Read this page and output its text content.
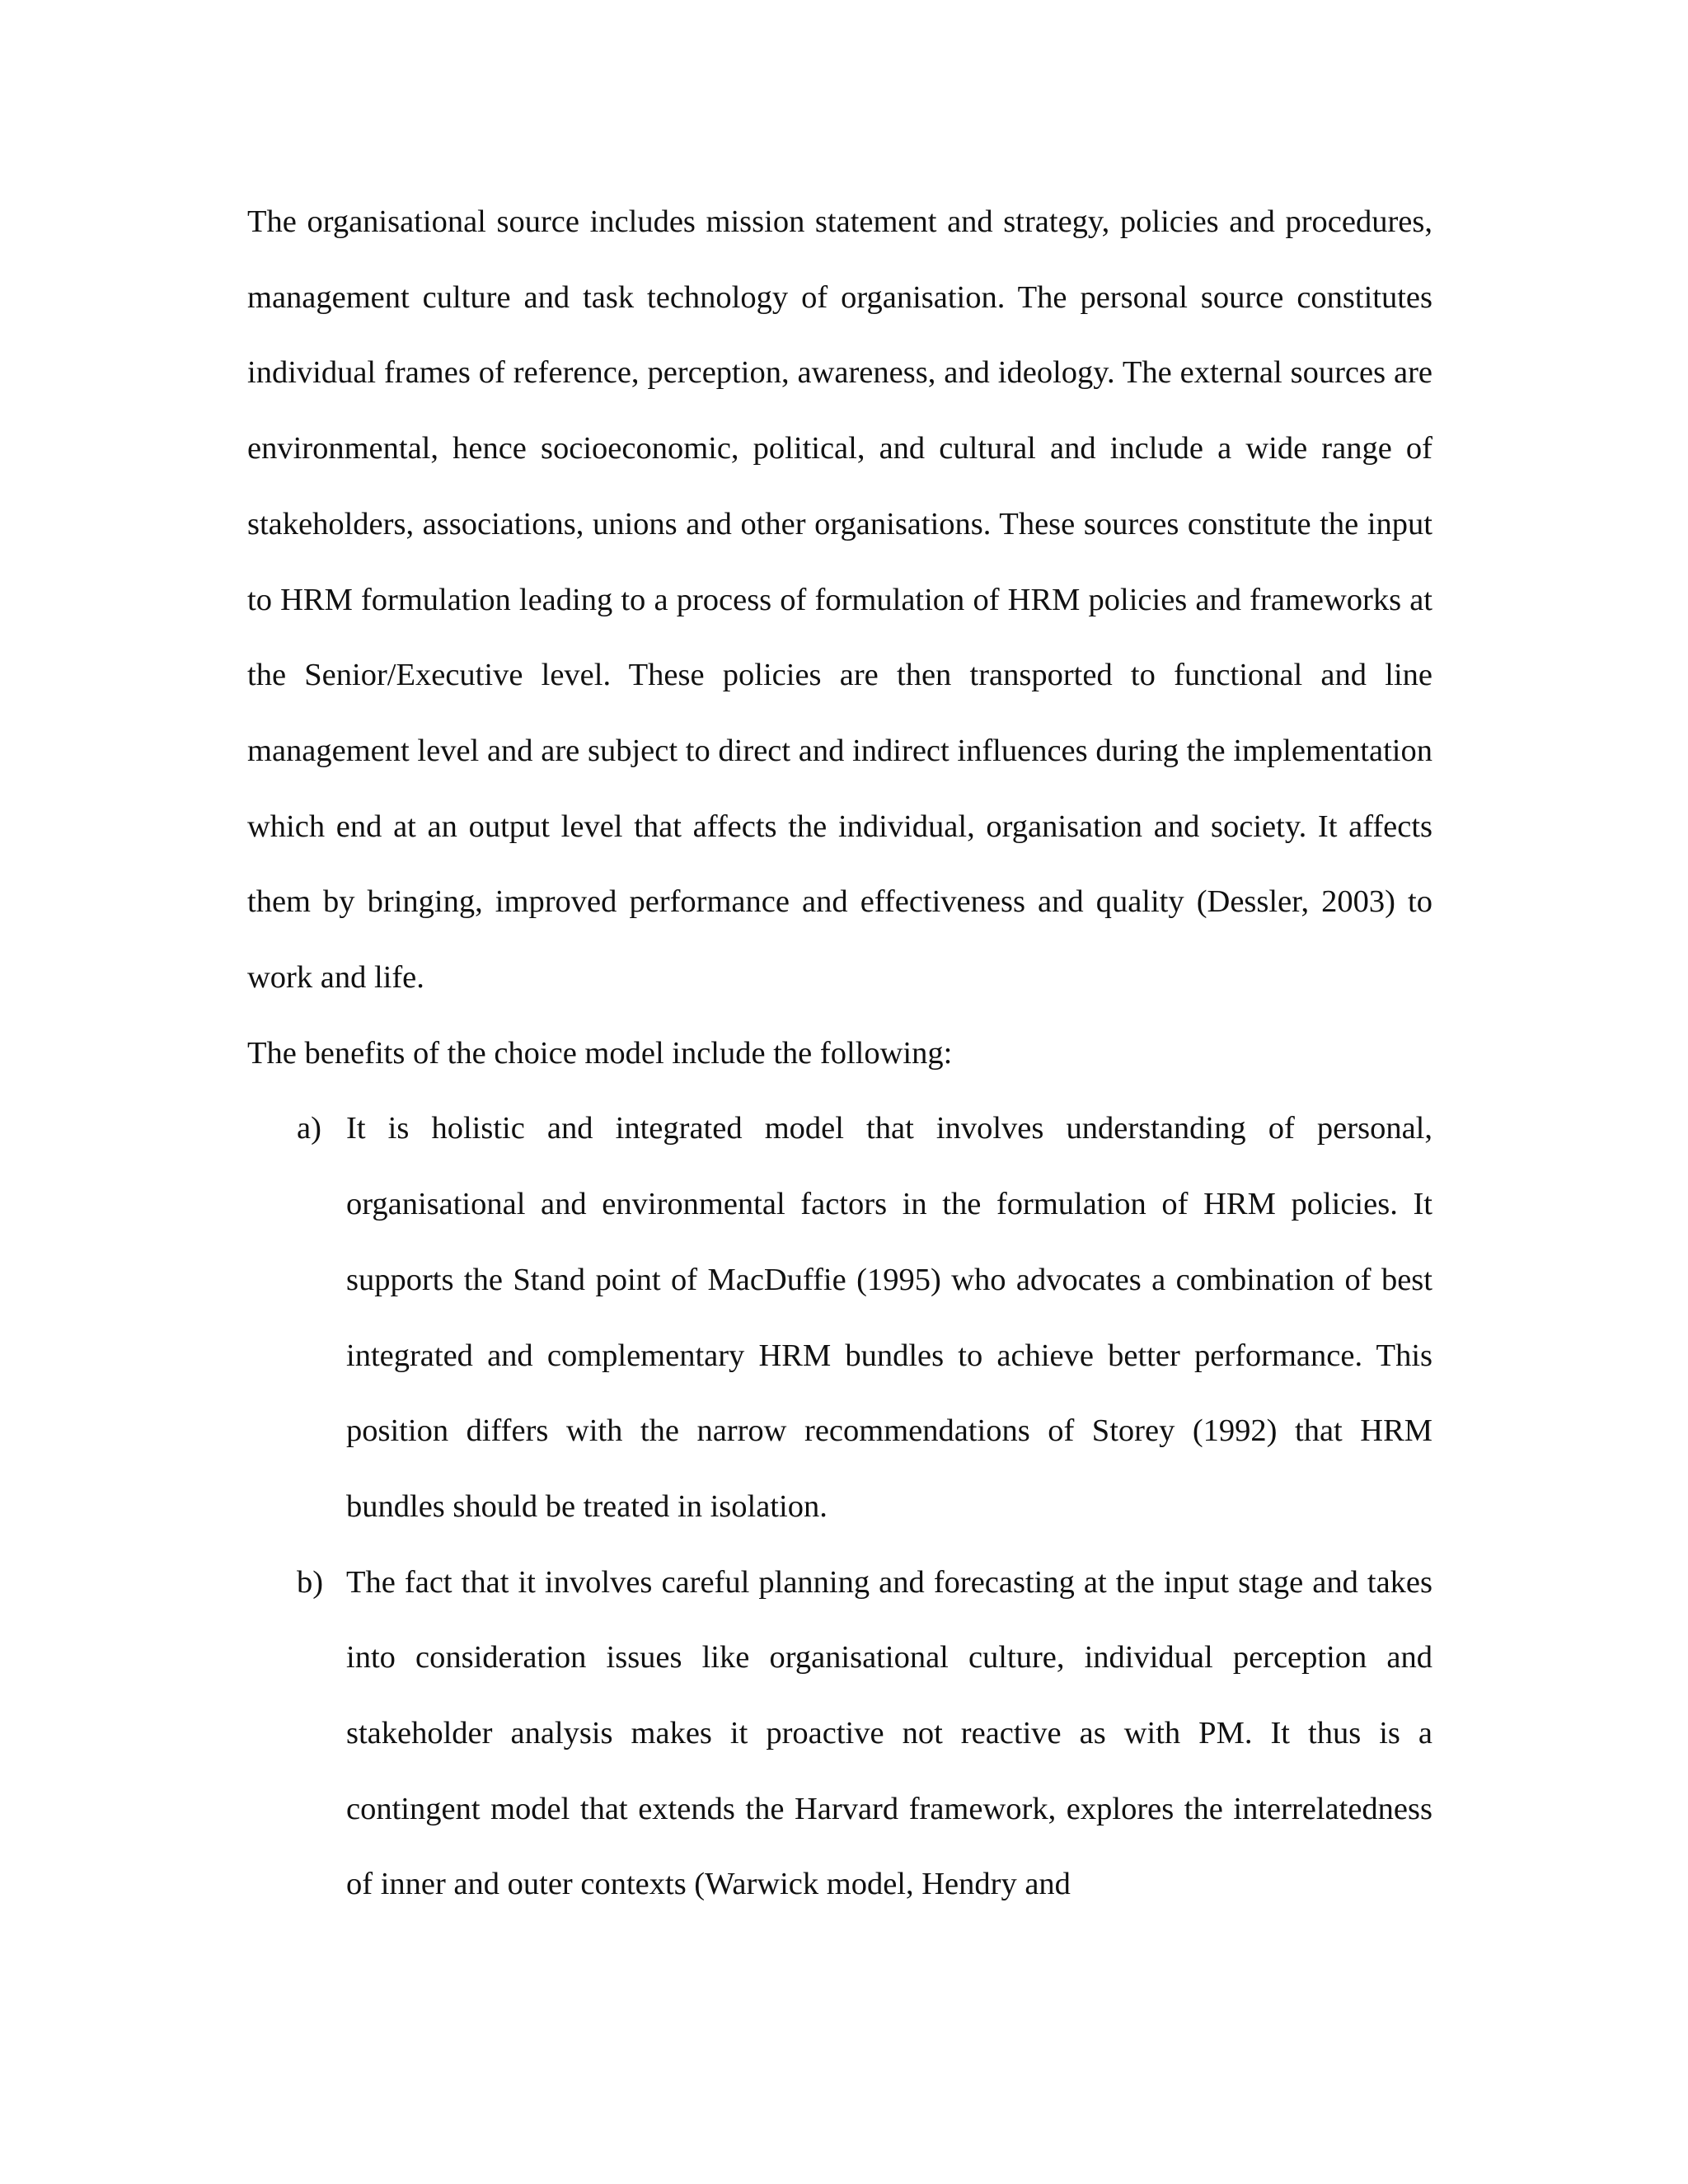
The organisational source includes mission statement and strategy, policies and procedures, management culture and task technology of organisation. The personal source constitutes individual frames of reference, perception, awareness, and ideology. The external sources are environmental, hence socioeconomic, political, and cultural and include a wide range of stakeholders, associations, unions and other organisations. These sources constitute the input to HRM formulation leading to a process of formulation of HRM policies and frameworks at the Senior/Executive level. These policies are then transported to functional and line management level and are subject to direct and indirect influences during the implementation which end at an output level that affects the individual, organisation and society. It affects them by bringing, improved performance and effectiveness and quality (Dessler, 2003) to work and life.

The benefits of the choice model include the following:

a) It is holistic and integrated model that involves understanding of personal, organisational and environmental factors in the formulation of HRM policies. It supports the Stand point of MacDuffie (1995) who advocates a combination of best integrated and complementary HRM bundles to achieve better performance. This position differs with the narrow recommendations of Storey (1992) that HRM bundles should be treated in isolation.
b) The fact that it involves careful planning and forecasting at the input stage and takes into consideration issues like organisational culture, individual perception and stakeholder analysis makes it proactive not reactive as with PM. It thus is a contingent model that extends the Harvard framework, explores the interrelatedness of inner and outer contexts (Warwick model, Hendry and
